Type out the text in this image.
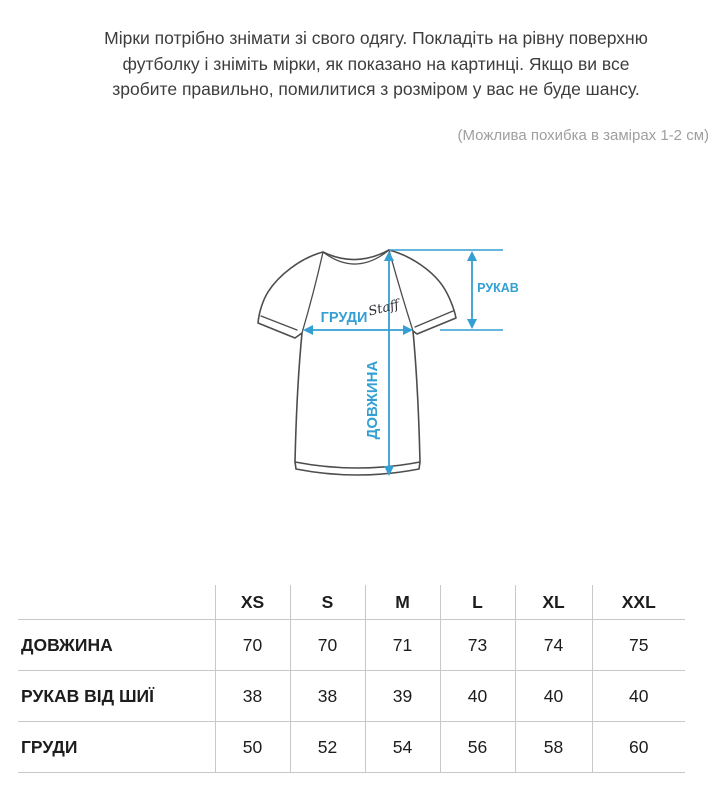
Мірки потрібно знімати зі свого одягу. Покладіть на рівну поверхню
футболку і зніміть мірки, як показано на картинці. Якщо ви все
зробите правильно, помилитися з розміром у вас не буде шансу.
(Можлива похибка в замірах 1-2 см)
ГРУДИ
ДОВЖИНА
РУКАВ
Staff
	XS	S	M	L	XL	XXL
ДОВЖИНА	70	70	71	73	74	75
РУКАВ ВІД ШИЇ	38	38	39	40	40	40
ГРУДИ	50	52	54	56	58	60
